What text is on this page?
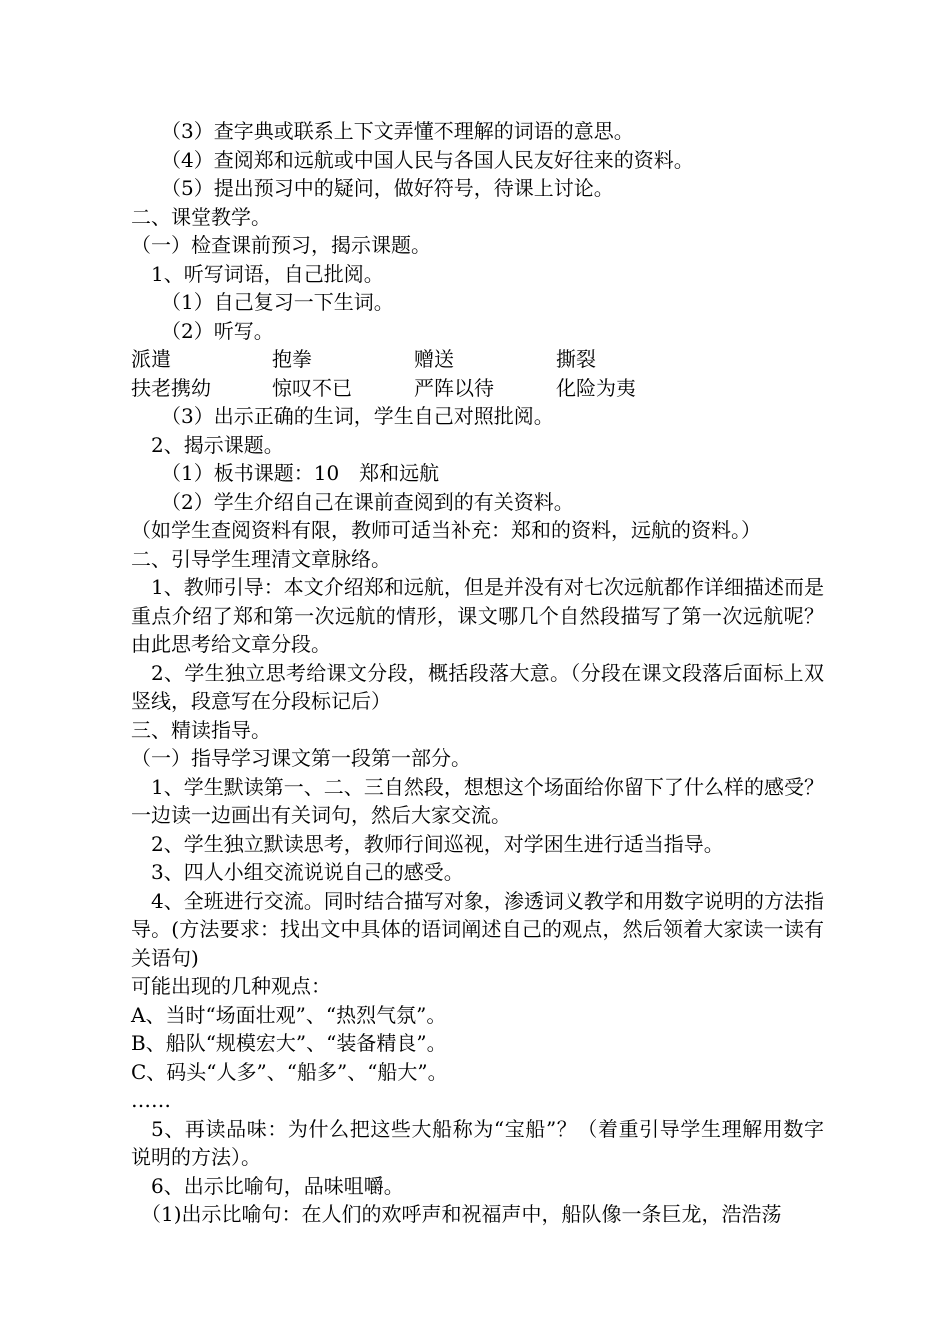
（3）查字典或联系上下文弄懂不理解的词语的意思。
（4）查阅郑和远航或中国人民与各国人民友好往来的资料。
（5）提出预习中的疑问，做好符号，待课上讨论。
二、课堂教学。
（一）检查课前预习，揭示课题。
1、听写词语，自己批阅。
（1）自己复习一下生词。
（2）听写。
派遣	抱拳	赠送	撕裂
扶老携幼	惊叹不已	严阵以待	化险为夷
（3）出示正确的生词，学生自己对照批阅。
2、揭示课题。
（1）板书课题：10　郑和远航
（2）学生介绍自己在课前查阅到的有关资料。
（如学生查阅资料有限，教师可适当补充：郑和的资料，远航的资料。）
二、引导学生理清文章脉络。
1、教师引导：本文介绍郑和远航，但是并没有对七次远航都作详细描述而是重点介绍了郑和第一次远航的情形，课文哪几个自然段描写了第一次远航呢？由此思考给文章分段。
2、学生独立思考给课文分段，概括段落大意。（分段在课文段落后面标上双竖线，段意写在分段标记后）
三、精读指导。
（一）指导学习课文第一段第一部分。
1、学生默读第一、二、三自然段，想想这个场面给你留下了什么样的感受？一边读一边画出有关词句，然后大家交流。
2、学生独立默读思考，教师行间巡视，对学困生进行适当指导。
3、四人小组交流说说自己的感受。
4、全班进行交流。同时结合描写对象，渗透词义教学和用数字说明的方法指导。(方法要求：找出文中具体的语词阐述自己的观点，然后领着大家读一读有关语句)
可能出现的几种观点：
A、当时“场面壮观”、“热烈气氛”。
B、船队“规模宏大”、“装备精良”。
C、码头“人多”、“船多”、“船大”。
……
5、再读品味：为什么把这些大船称为“宝船”？（着重引导学生理解用数字说明的方法）。
6、出示比喻句，品味咀嚼。
（1)出示比喻句：在人们的欢呼声和祝福声中，船队像一条巨龙，浩浩荡
